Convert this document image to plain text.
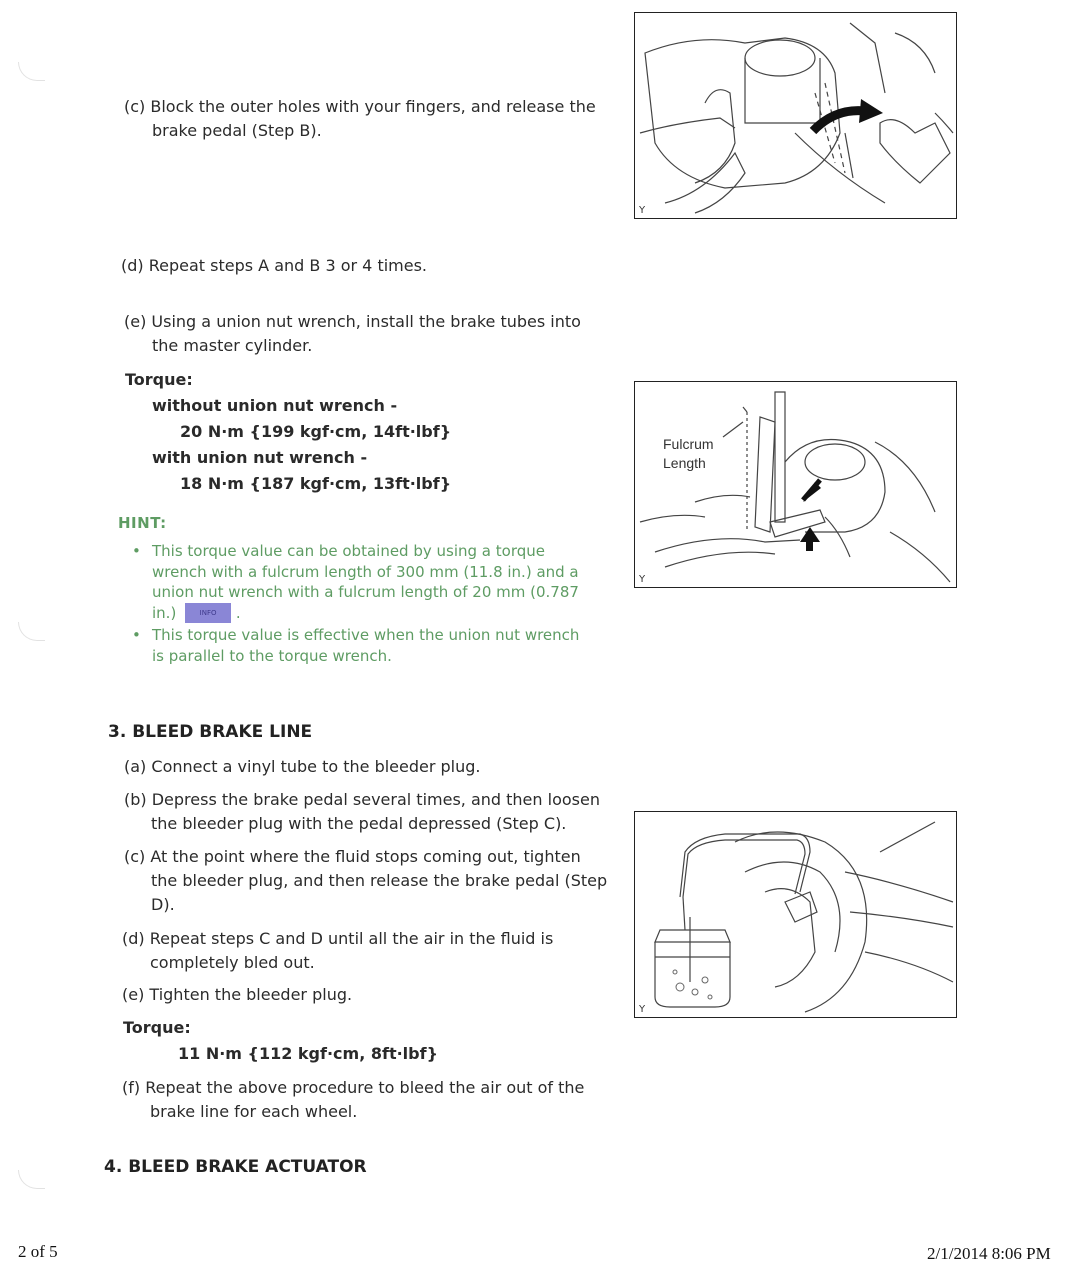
(c) Block the outer holes with your fingers, and release the
brake pedal (Step B).
Y
(d) Repeat steps A and B 3 or 4 times.
(e) Using a union nut wrench, install the brake tubes into
the master cylinder.
Torque:
without union nut wrench -
20 N·m {199 kgf·cm, 14ft·lbf}
with union nut wrench -
18 N·m {187 kgf·cm, 13ft·lbf}
Fulcrum
Length
Y
HINT:
• This torque value can be obtained by using a torque
wrench with a fulcrum length of 300 mm (11.8 in.) and a
union nut wrench with a fulcrum length of 20 mm (0.787
in.)	INFO .
• This torque value is effective when the union nut wrench
is parallel to the torque wrench.
3. BLEED BRAKE LINE
(a) Connect a vinyl tube to the bleeder plug.
(b) Depress the brake pedal several times, and then loosen
the bleeder plug with the pedal depressed (Step C).
(c) At the point where the fluid stops coming out, tighten
the bleeder plug, and then release the brake pedal (Step
D).
(d) Repeat steps C and D until all the air in the fluid is
completely bled out.
(e) Tighten the bleeder plug.
Torque:
11 N·m {112 kgf·cm, 8ft·lbf}
(f) Repeat the above procedure to bleed the air out of the
brake line for each wheel.
Y
4. BLEED BRAKE ACTUATOR
2 of 5	2/1/2014 8:06 PM
